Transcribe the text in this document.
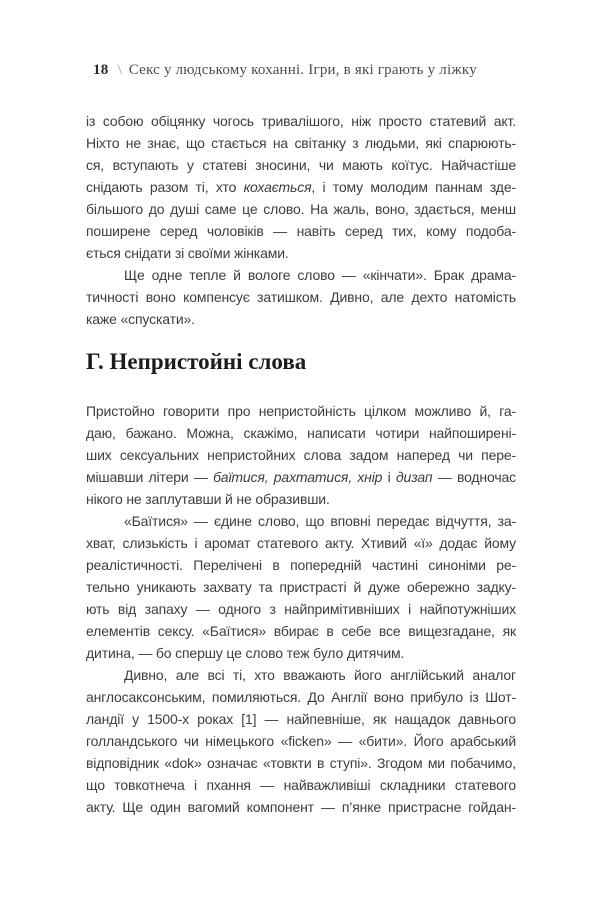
18 \ Секс у людському коханні. Ігри, в які грають у ліжку
із собою обіцянку чогось тривалішого, ніж просто статевий акт.
Ніхто не знає, що стається на світанку з людьми, які спарюють-
ся, вступають у статеві зносини, чи мають коїтус. Найчастіше
снідають разом ті, хто кохається, і тому молодим паннам зде-
більшого до душі саме це слово. На жаль, воно, здається, менш
поширене серед чоловіків — навіть серед тих, кому подоба-
ється снідати зі своїми жінками.
Ще одне тепле й вологе слово — «кінчати». Брак драма-
тичності воно компенсує затишком. Дивно, але дехто натомість
каже «спускати».
Г. Непристойні слова
Пристойно говорити про непристойність цілком можливо й, га-
даю, бажано. Можна, скажімо, написати чотири найпоширені-
ших сексуальних непристойних слова задом наперед чи пере-
мішавши літери — баїтися, рахтатися, хнір і дизап — водночас
нікого не заплутавши й не образивши.
«Баїтися» — єдине слово, що вповні передає відчуття, за-
хват, слизькість і аромат статевого акту. Хтивий «ї» додає йому
реалістичності. Перелічені в попередній частині синоніми ре-
тельно уникають захвату та пристрасті й дуже обережно задку-
ють від запаху — одного з найпримітивніших і найпотужніших
елементів сексу. «Баїтися» вбирає в себе все вищезгадане, як
дитина, — бо спершу це слово теж було дитячим.
Дивно, але всі ті, хто вважають його англійський аналог
англосаксонським, помиляються. До Англії воно прибуло із Шот-
ландії у 1500-х роках [1] — найпевніше, як нащадок давнього
голландського чи німецького «ficken» — «бити». Його арабський
відповідник «dok» означає «товкти в ступі». Згодом ми побачимо,
що товкотнеча і пхання — найважливіші складники статевого
акту. Ще один вагомий компонент — п’янке пристрасне гойдан-
